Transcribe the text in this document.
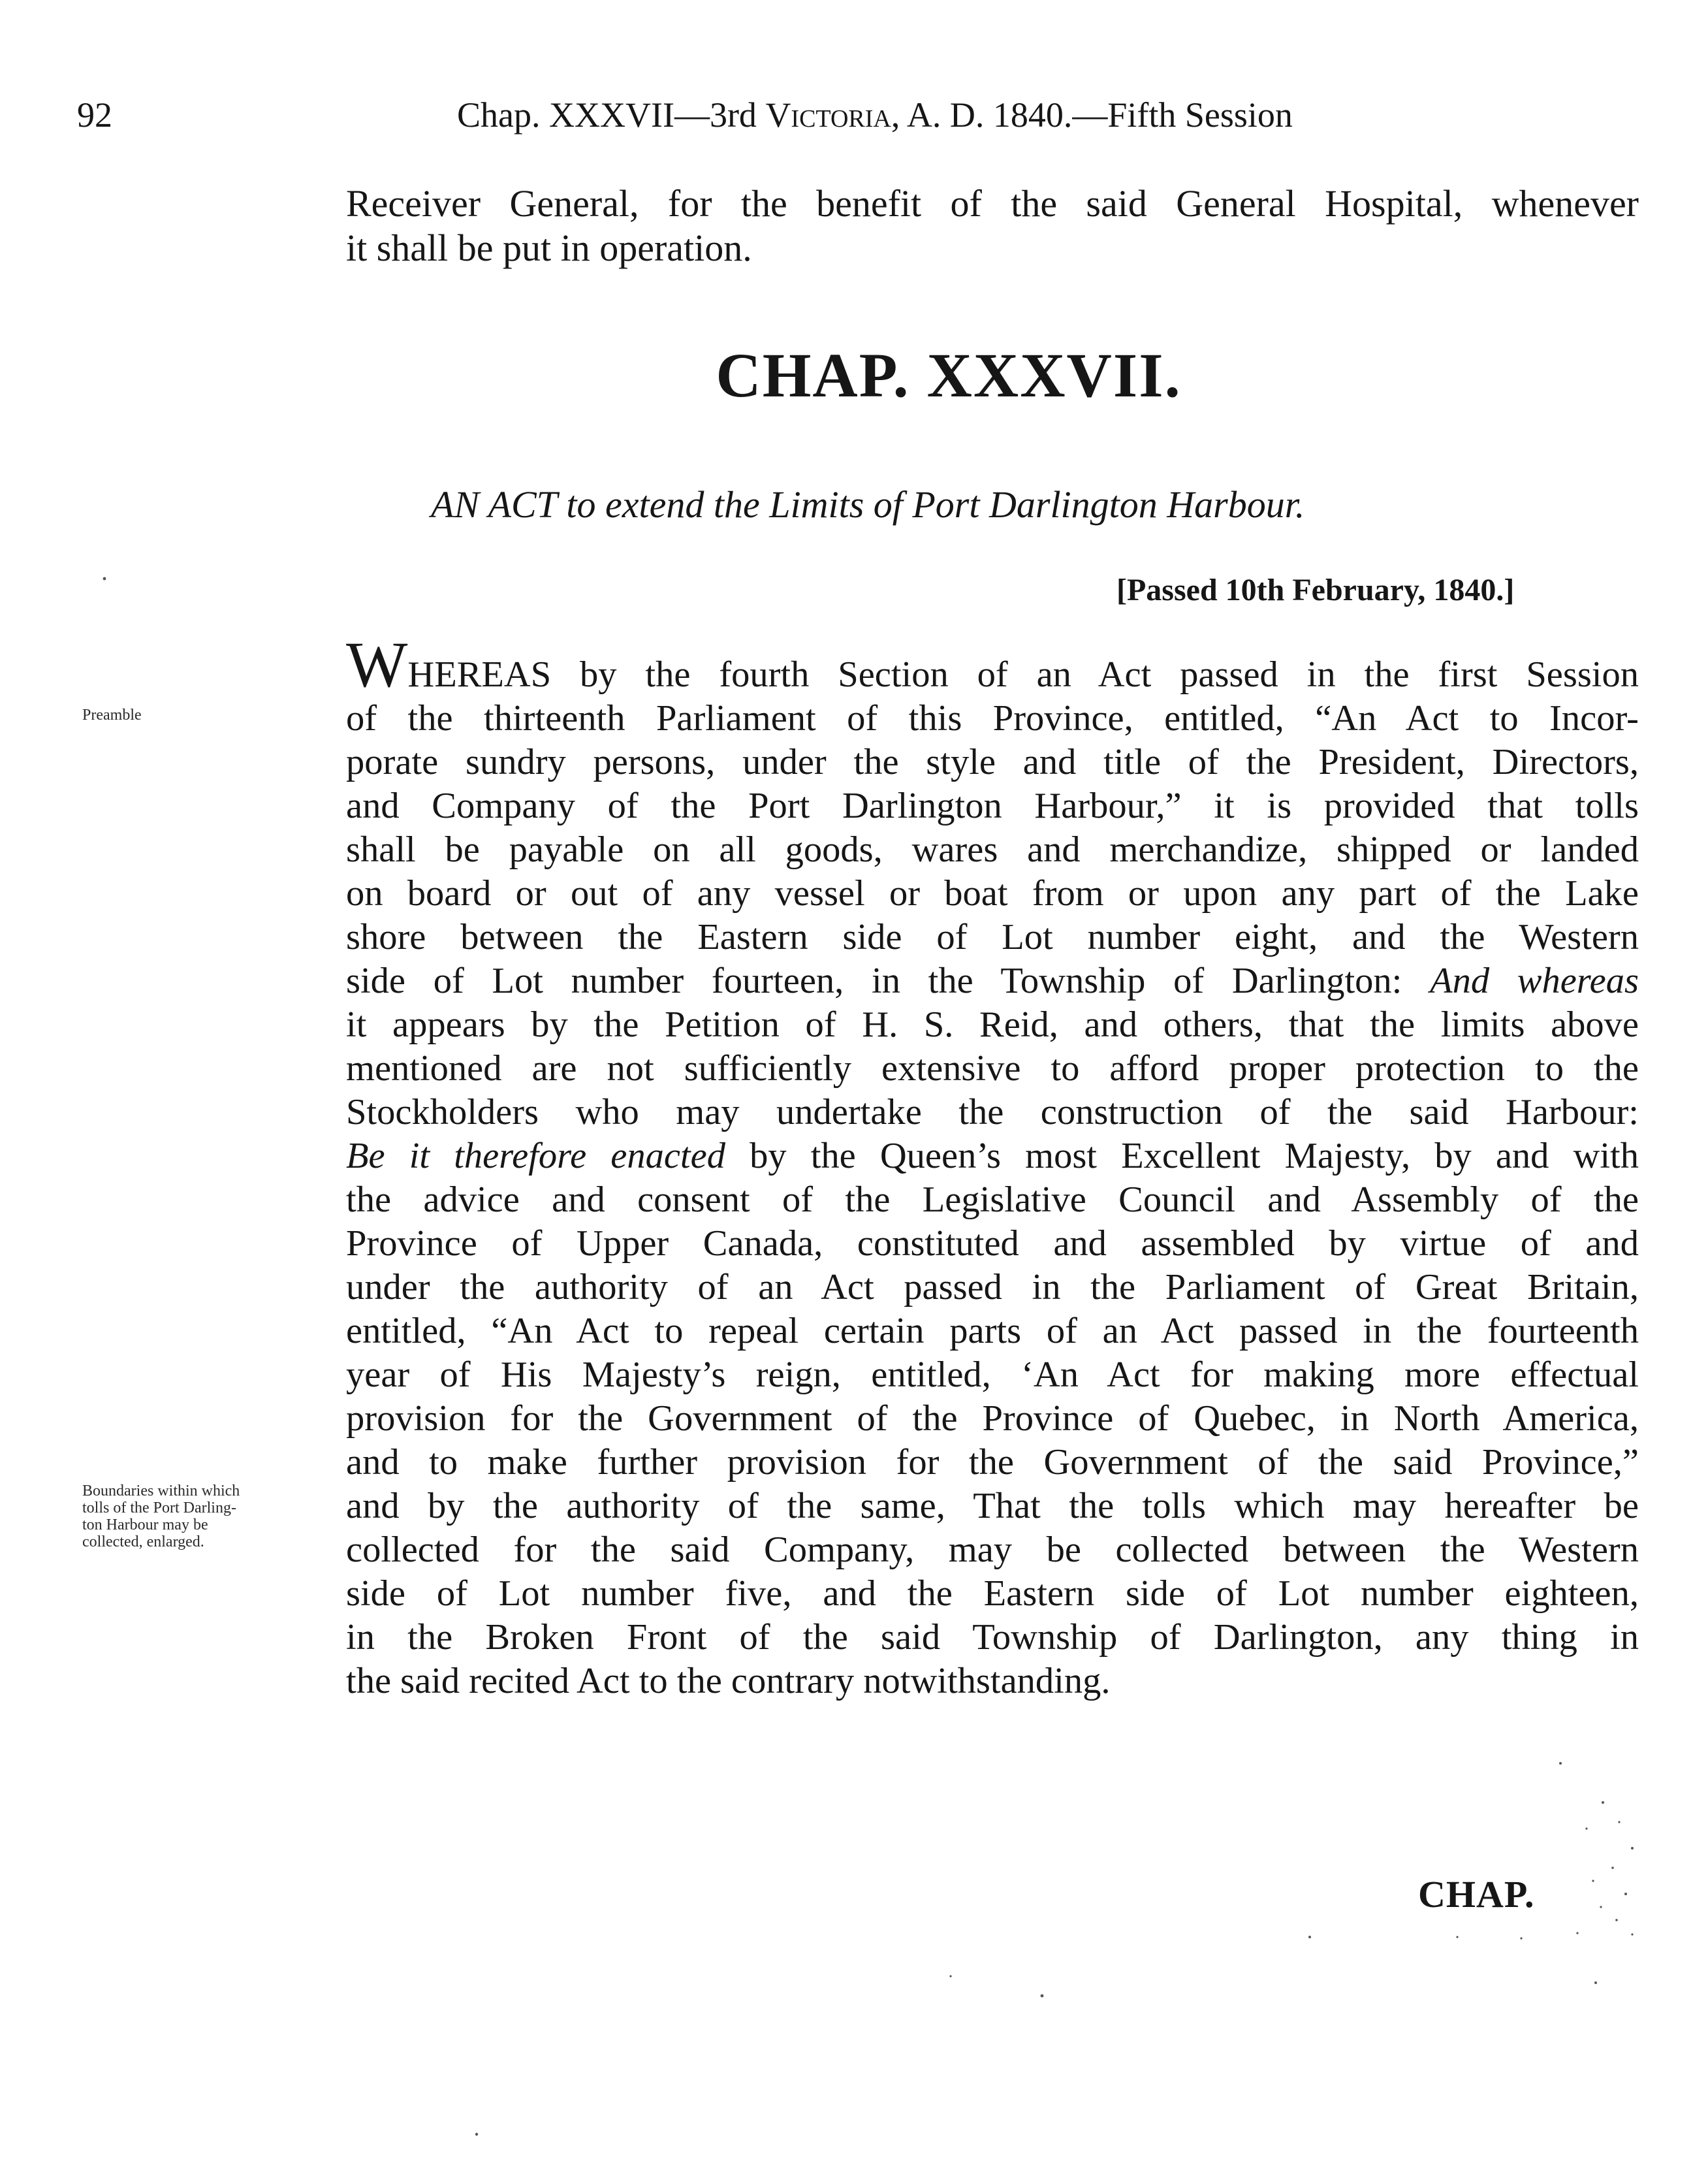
92	Chap. XXXVII—3rd Victoria, A. D. 1840.—Fifth Session
Receiver General, for the benefit of the said General Hospital, whenever
it shall be put in operation.
CHAP. XXXVII.
AN ACT to extend the Limits of Port Darlington Harbour.
[Passed 10th February, 1840.]
Preamble
Boundaries within which
tolls of the Port Darling-
ton Harbour may be
collected, enlarged.
WHEREAS by the fourth Section of an Act passed in the first Session
of the thirteenth Parliament of this Province, entitled, “An Act to Incor-
porate sundry persons, under the style and title of the President, Directors,
and Company of the Port Darlington Harbour,” it is provided that tolls
shall be payable on all goods, wares and merchandize, shipped or landed
on board or out of any vessel or boat from or upon any part of the Lake
shore between the Eastern side of Lot number eight, and the Western
side of Lot number fourteen, in the Township of Darlington: And whereas
it appears by the Petition of H. S. Reid, and others, that the limits above
mentioned are not sufficiently extensive to afford proper protection to the
Stockholders who may undertake the construction of the said Harbour:
Be it therefore enacted by the Queen’s most Excellent Majesty, by and with
the advice and consent of the Legislative Council and Assembly of the
Province of Upper Canada, constituted and assembled by virtue of and
under the authority of an Act passed in the Parliament of Great Britain,
entitled, “An Act to repeal certain parts of an Act passed in the fourteenth
year of His Majesty’s reign, entitled, ‘An Act for making more effectual
provision for the Government of the Province of Quebec, in North America,
and to make further provision for the Government of the said Province,”
and by the authority of the same, That the tolls which may hereafter be
collected for the said Company, may be collected between the Western
side of Lot number five, and the Eastern side of Lot number eighteen,
in the Broken Front of the said Township of Darlington, any thing in
the said recited Act to the contrary notwithstanding.
CHAP.
